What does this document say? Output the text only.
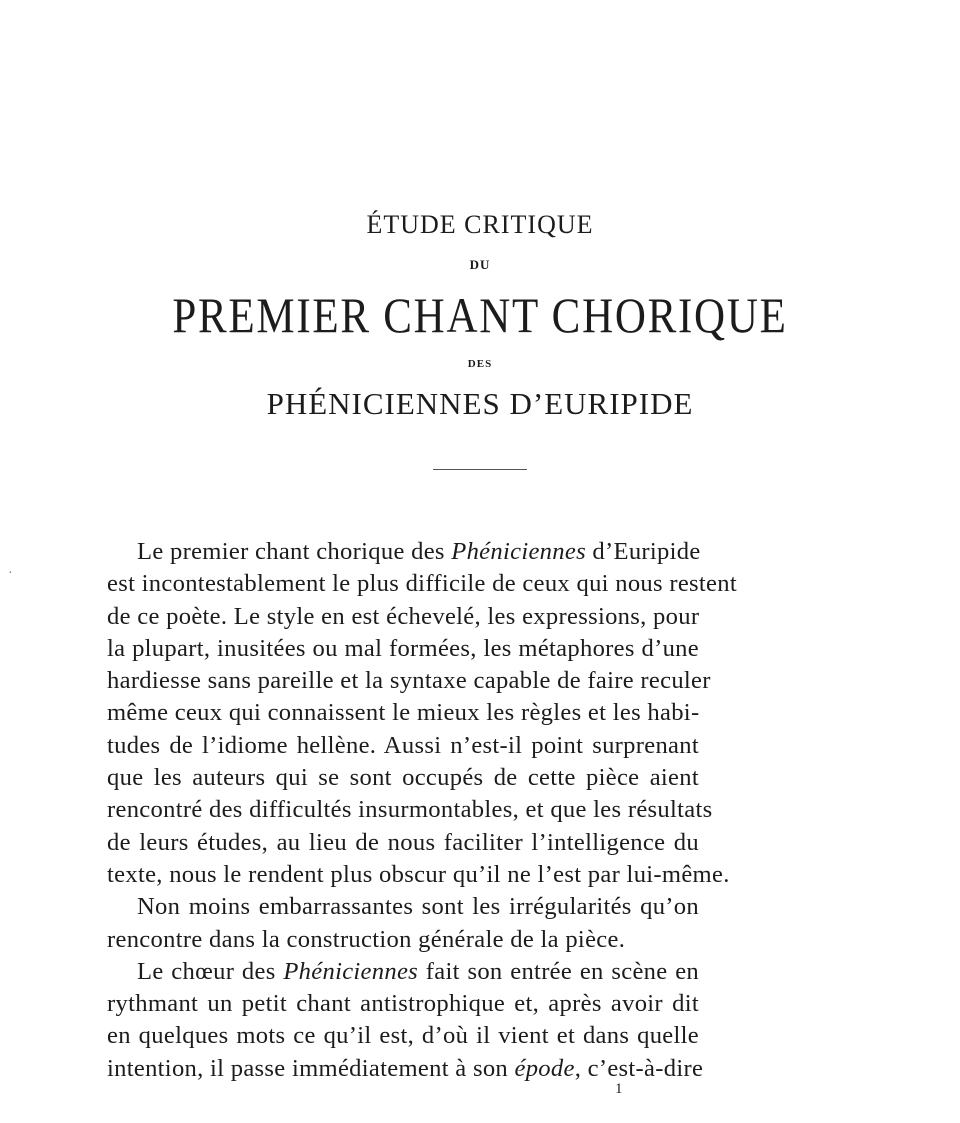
ÉTUDE CRITIQUE
DU
PREMIER CHANT CHORIQUE
DES
PHÉNICIENNES D’EURIPIDE
·
Le premier chant chorique des Phéniciennes d’Euripide
est incontestablement le plus difficile de ceux qui nous restent
de ce poète. Le style en est échevelé, les expressions, pour
la plupart, inusitées ou mal formées, les métaphores d’une
hardiesse sans pareille et la syntaxe capable de faire reculer
même ceux qui connaissent le mieux les règles et les habi-
tudes de l’idiome hellène. Aussi n’est-il point surprenant
que les auteurs qui se sont occupés de cette pièce aient
rencontré des difficultés insurmontables, et que les résultats
de leurs études, au lieu de nous faciliter l’intelligence du
texte, nous le rendent plus obscur qu’il ne l’est par lui-même.
Non moins embarrassantes sont les irrégularités qu’on
rencontre dans la construction générale de la pièce.
Le chœur des Phéniciennes fait son entrée en scène en
rythmant un petit chant antistrophique et, après avoir dit
en quelques mots ce qu’il est, d’où il vient et dans quelle
intention, il passe immédiatement à son épode, c’est-à-dire
1
